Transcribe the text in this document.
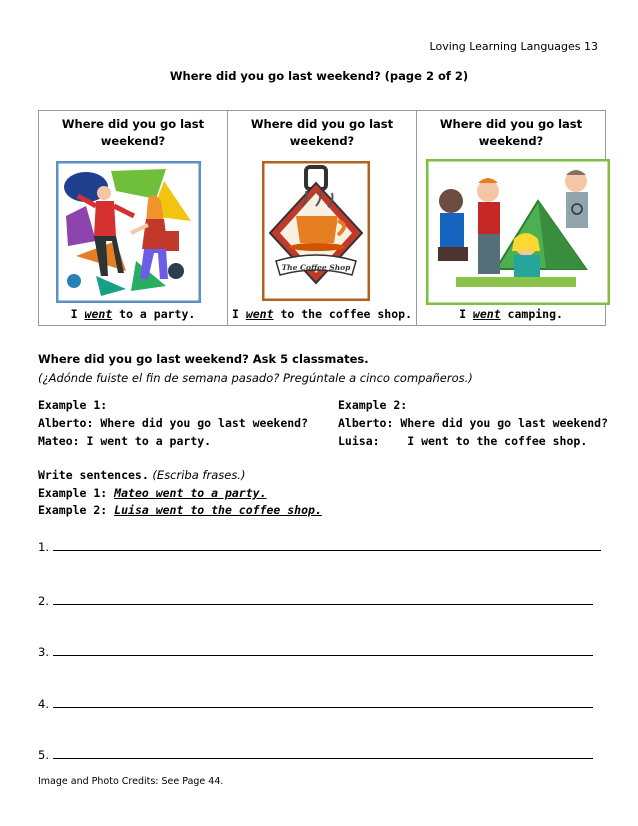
Loving Learning Languages 13
Where did you go last weekend? (page 2 of 2)
Where did you go last weekend?
I went to a party.
Where did you go last weekend?
The Coffee Shop
I went to the coffee shop.
Where did you go last weekend?
I went camping.
Where did you go last weekend? Ask 5 classmates.
(¿Adónde fuiste el fin de semana pasado? Pregúntale a cinco compañeros.)
Example 1:
Alberto: Where did you go last weekend?
Mateo: I went to a party.
Example 2:
Alberto: Where did you go last weekend?
Luisa:    I went to the coffee shop.
Write sentences. (Escriba frases.)
Example 1: Mateo went to a party.
Example 2: Luisa went to the coffee shop.
1.
2.
3.
4.
5.
Image and Photo Credits: See Page 44.
